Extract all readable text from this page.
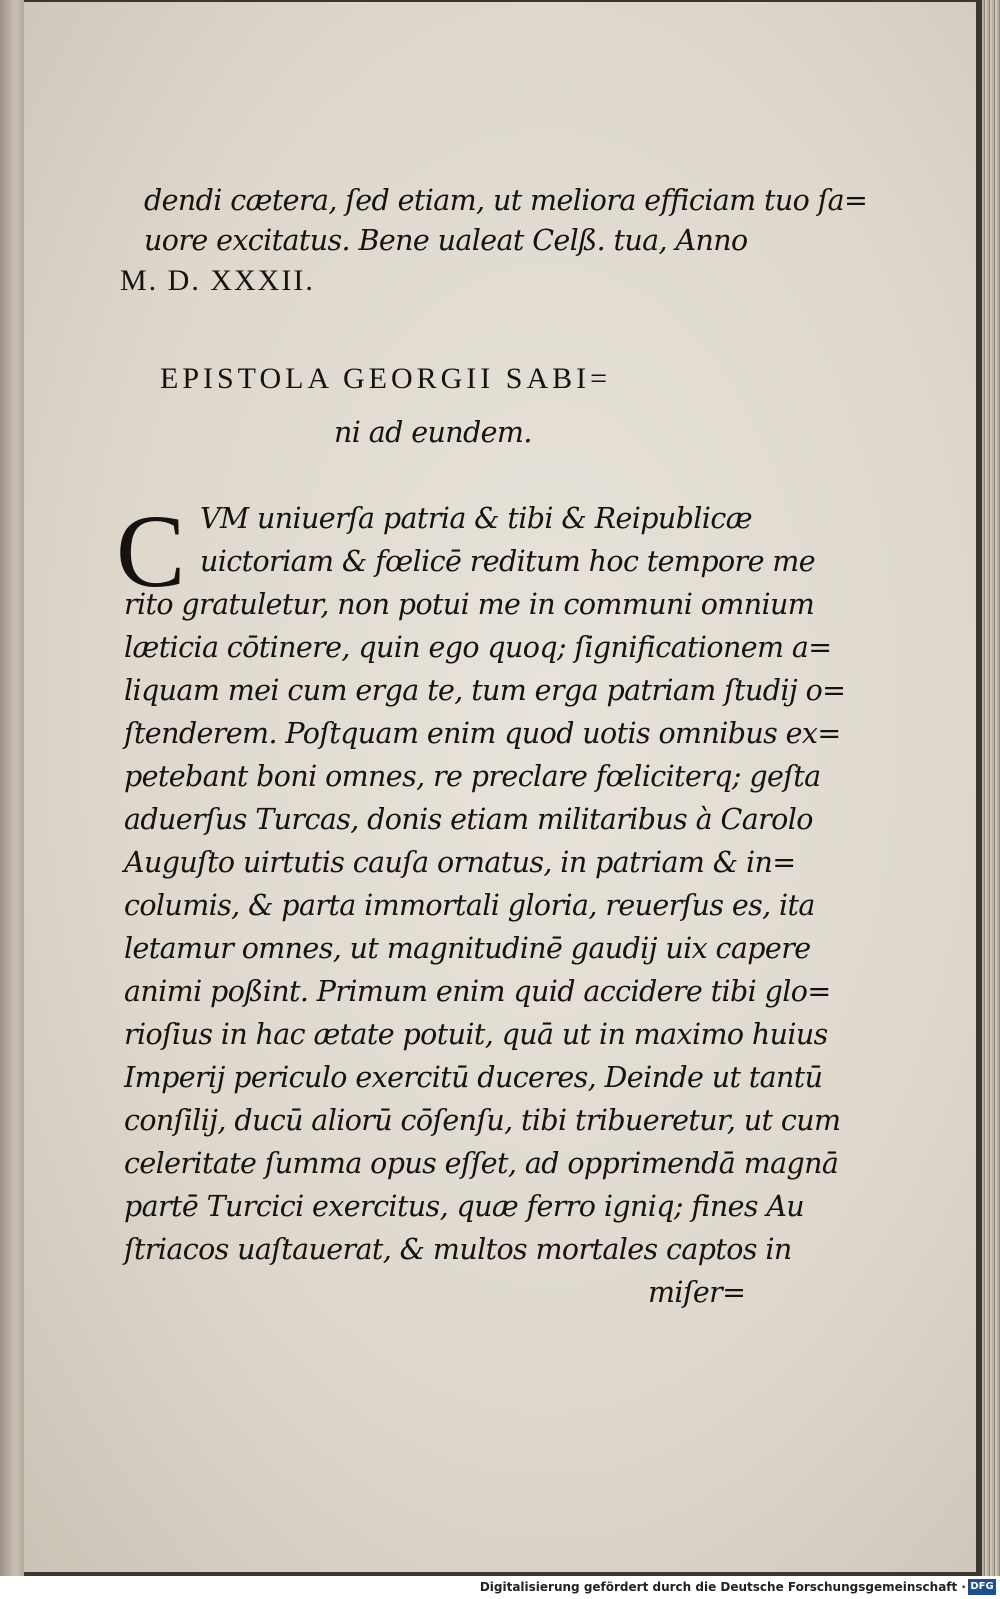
dendi cætera, ſed etiam, ut meliora efficiam tuo ſa=
uore excitatus. Bene ualeat Celß. tua, Anno
M. D. XXXII.
EPISTOLA GEORGII SABI=
ni ad eundem.
C VM uniuerſa patria & tibi & Reipublicæ
uictoriam & fœlicē reditum hoc tempore me
rito gratuletur, non potui me in communi omnium
læticia cōtinere, quin ego quoq; ſignificationem a=
liquam mei cum erga te, tum erga patriam ſtudij o=
ſtenderem. Poſtquam enim quod uotis omnibus ex=
petebant boni omnes, re preclare fœliciterq; geſta
aduerſus Turcas, donis etiam militaribus à Carolo
Auguſto uirtutis cauſa ornatus, in patriam & in=
columis, & parta immortali gloria, reuerſus es, ita
letamur omnes, ut magnitudinē gaudij uix capere
animi poßint. Primum enim quid accidere tibi glo=
rioſius in hac ætate potuit, quā ut in maximo huius
Imperij periculo exercitū duceres, Deinde ut tantū
conſilij, ducū aliorū cōſenſu, tibi tribueretur, ut cum
celeritate ſumma opus eſſet, ad opprimendā magnā
partē Turcici exercitus, quæ ferro igniq; fines Au
ſtriacos uaſtauerat, & multos mortales captos in
miſer=
Digitalisierung gefördert durch die Deutsche Forschungsgemeinschaft · DFG
